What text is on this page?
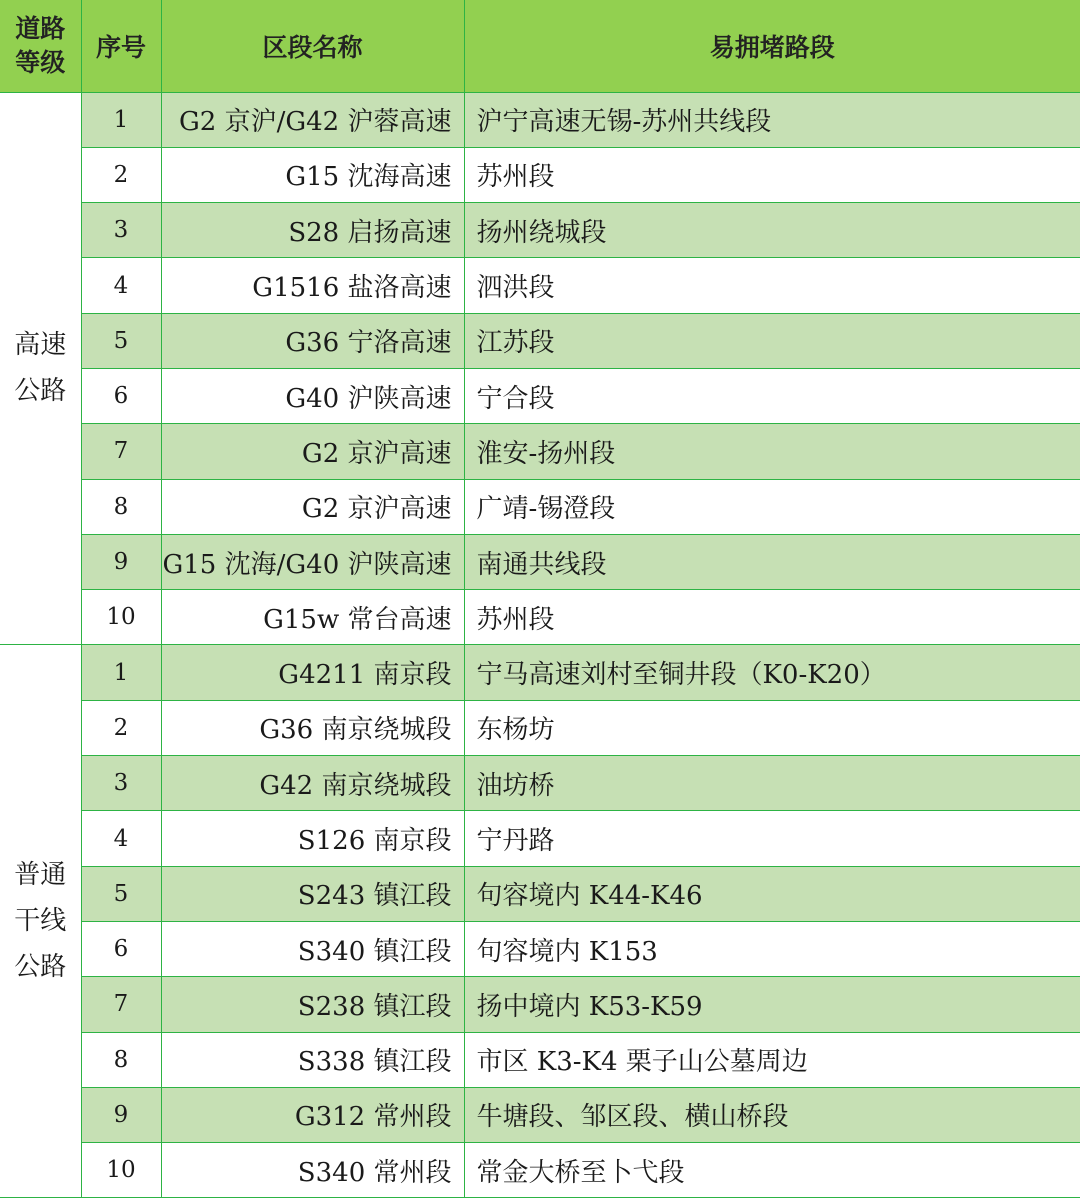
道路
等级	序号	区段名称	易拥堵路段
高速
公路	1	G2 京沪/G42 沪蓉高速	沪宁高速无锡-苏州共线段
	2	G15 沈海高速	苏州段
	3	S28 启扬高速	扬州绕城段
	4	G1516 盐洛高速	泗洪段
	5	G36 宁洛高速	江苏段
	6	G40 沪陕高速	宁合段
	7	G2 京沪高速	淮安-扬州段
	8	G2 京沪高速	广靖-锡澄段
	9	G15 沈海/G40 沪陕高速	南通共线段
	10	G15w 常台高速	苏州段
普通
干线
公路	1	G4211 南京段	宁马高速刘村至铜井段（K0-K20）
	2	G36 南京绕城段	东杨坊
	3	G42 南京绕城段	油坊桥
	4	S126 南京段	宁丹路
	5	S243 镇江段	句容境内 K44-K46
	6	S340 镇江段	句容境内 K153
	7	S238 镇江段	扬中境内 K53-K59
	8	S338 镇江段	市区 K3-K4 栗子山公墓周边
	9	G312 常州段	牛塘段、邹区段、横山桥段
	10	S340 常州段	常金大桥至卜弋段
